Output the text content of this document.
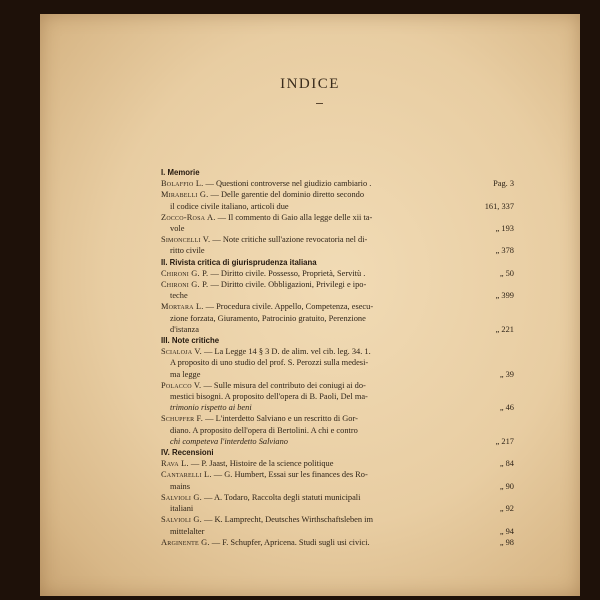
INDICE
I. Memorie
Bolaffio L. — Questioni controverse nel giudizio cambiario .	Pag. 3
Mirabelli G. — Delle garentie del dominio diretto secondo
il codice civile italiano, articoli due	161, 337
Zocco-Rosa A. — Il commento di Gaio alla legge delle xii ta-
vole	„ 193
Simoncelli V. — Note critiche sull'azione revocatoria nel di-
ritto civile	„ 378
II. Rivista critica di giurisprudenza italiana
Chironi G. P. — Diritto civile. Possesso, Proprietà, Servitù .	„ 50
Chironi G. P. — Diritto civile. Obbligazioni, Privilegi e ipo-
teche	„ 399
Mortara L. — Procedura civile. Appello, Competenza, esecu-
zione forzata, Giuramento, Patrocinio gratuito, Perenzione
d'istanza	„ 221
III. Note critiche
Scialoja V. — La Legge 14 § 3 D. de alim. vel cib. leg. 34. 1.
A proposito di uno studio del prof. S. Perozzi sulla medesi-
ma legge	„ 39
Polacco V. — Sulle misura del contributo dei coniugi ai do-
mestici bisogni. A proposito dell'opera di B. Paoli, Del ma-
trimonio rispetto ai beni	„ 46
Schupfer F. — L'interdetto Salviano e un rescritto di Gor-
diano. A proposito dell'opera di Bertolini. A chi e contro
chi competeva l'interdetto Salviano	„ 217
IV. Recensioni
Rava L. — P. Jaast, Histoire de la science politique	„ 84
Cantarelli L. — G. Humbert, Essai sur les finances des Ro-
mains	„ 90
Salvioli G. — A. Todaro, Raccolta degli statuti municipali
italiani	„ 92
Salvioli G. — K. Lamprecht, Deutsches Wirthschaftsleben im
mittelalter	„ 94
Arginente G. — F. Schupfer, Apricena. Studi sugli usi civici.	„ 98
